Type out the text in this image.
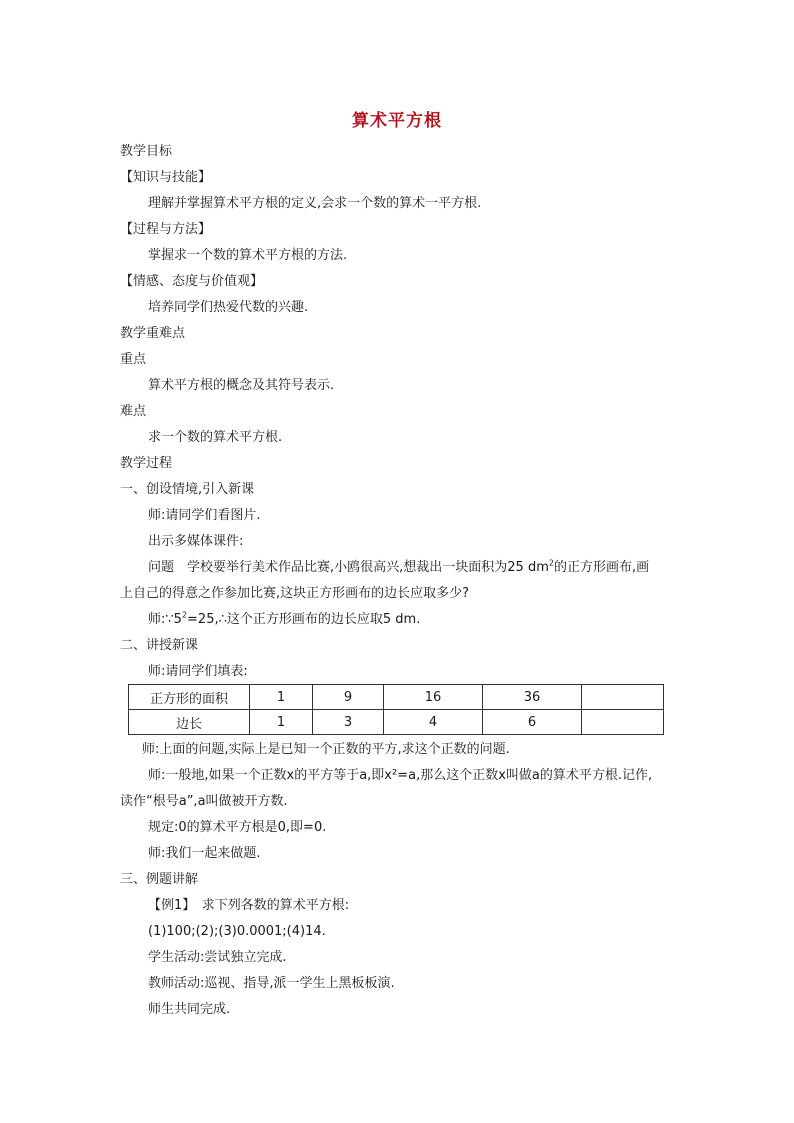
算术平方根
教学目标
【知识与技能】
理解并掌握算术平方根的定义,会求一个数的算术一平方根.
【过程与方法】
掌握求一个数的算术平方根的方法.
【情感、态度与价值观】
培养同学们热爱代数的兴趣.
教学重难点
重点
算术平方根的概念及其符号表示.
难点
求一个数的算术平方根.
教学过程
一、创设情境,引入新课
师:请同学们看图片.
出示多媒体课件:
问题　学校要举行美术作品比赛,小鸥很高兴,想裁出一块面积为25 $dm^2$的正方形画布,画
上自己的得意之作参加比赛,这块正方形画布的边长应取多少?
师$:\because 5^2=25,\therefore$这个正方形画布的边长应取5 dm.
二、讲授新课
师:请同学们填表:
正方形的面积	1	9	16	36	
边长	1	3	4	6	
师:上面的问题,实际上是已知一个正数的平方,求这个正数的问题.
师:一般地,如果一个正数x的平方等于a,即x²=a,那么这个正数x叫做a的算术平方根.记作,
读作“根号a”,a叫做被开方数.
规定:0的算术平方根是0,即=0.
师:我们一起来做题.
三、例题讲解
【例1】　求下列各数的算术平方根:
(1)100;(2);(3)0.0001;(4)14.
学生活动:尝试独立完成.
教师活动:巡视、指导,派一学生上黑板板演.
师生共同完成.
